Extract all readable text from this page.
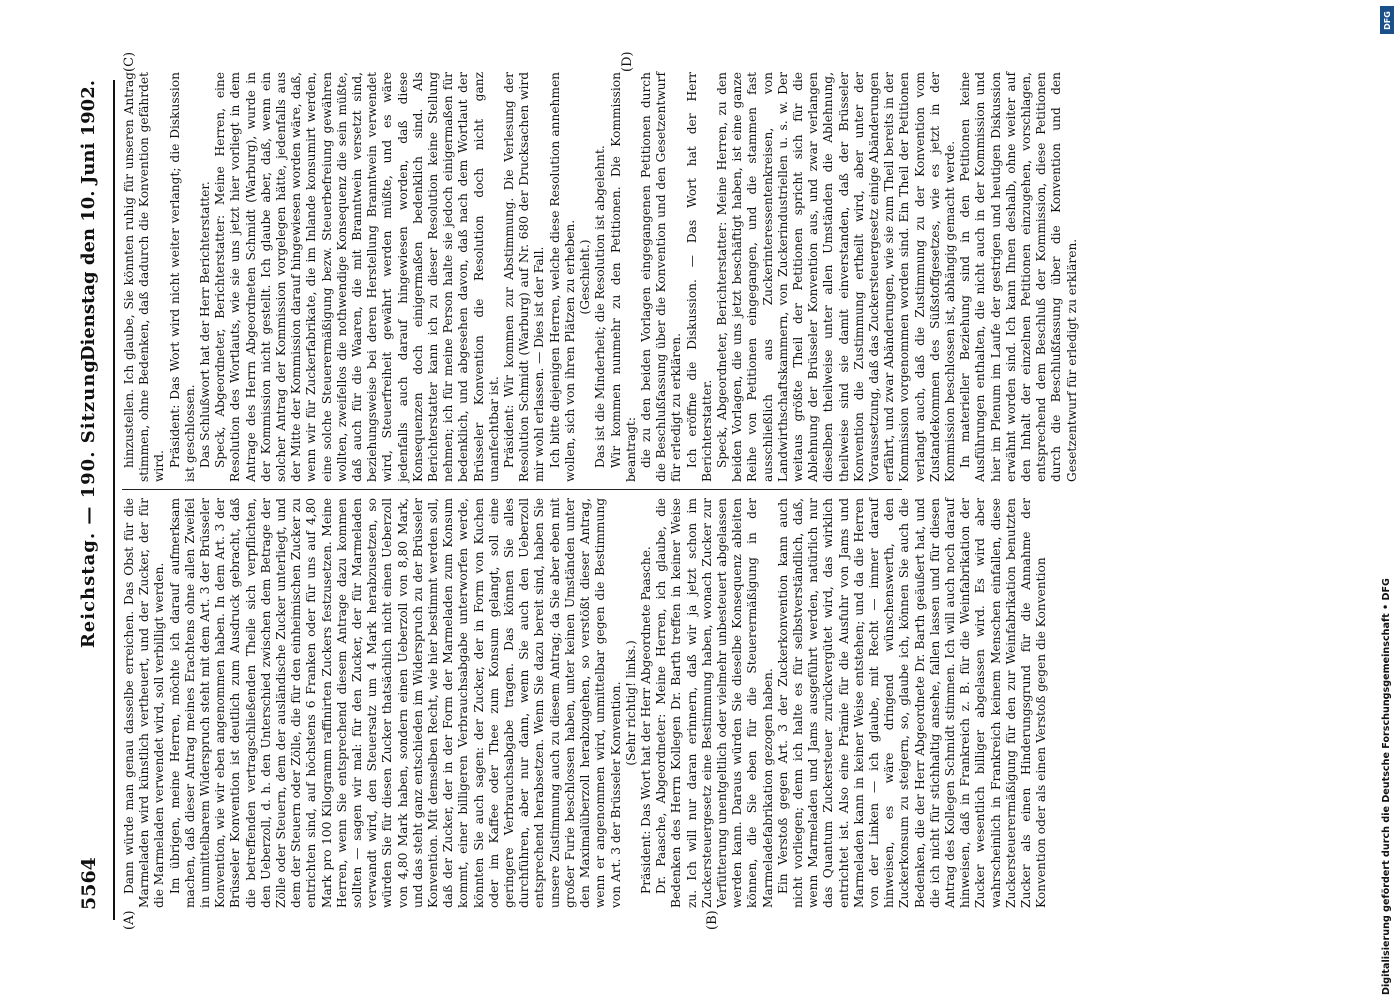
5564
Reichstag. — 190. Sitzung.
Dienstag den 10. Juni 1902.
(A)	(B)
(C)	(D)

Dann würde man genau dasselbe erreichen. Das Obst für die Marmeladen wird künstlich vertheuert, und der Zucker, der für die Marmeladen verwendet wird, soll verbilligt werden. Im übrigen, meine Herren, möchte ich darauf aufmerksam machen, daß dieser Antrag meines Erachtens ohne allen Zweifel in unmittelbarem Widerspruch steht mit dem Art. 3 der Brüsseler Konvention, wie wir eben angenommen haben. In dem Art. 3 der Brüsseler Konvention ist deutlich zum Ausdruck gebracht, daß die betreffenden vertragschließenden Theile sich verpflichten, den Ueberzoll, d. h. den Unterschied zwischen dem Betrage der Zölle oder Steuern, dem der ausländische Zucker unterliegt, und dem der Steuern oder Zölle, die für den einheimischen Zucker zu entrichten sind, auf höchstens 6 Franken oder für uns auf 4,80 Mark pro 100 Kilogramm raffinirten Zuckers festzusetzen. Meine Herren, wenn Sie entsprechend diesem Antrage dazu kommen sollten — sagen wir mal: für den Zucker, der für Marmeladen verwandt wird, den Steuersatz um 4 Mark herabzusetzen, so würden Sie für diesen Zucker thatsächlich nicht einen Ueberzoll von 4,80 Mark haben, sondern einen Ueberzoll von 8,80 Mark, und das steht ganz entschieden im Widerspruch zu der Brüsseler Konvention. Mit demselben Recht, wie hier bestimmt werden soll, daß der Zucker, der in der Form der Marmeladen zum Konsum kommt, einer billigeren Verbrauchsabgabe unterworfen werde, könnten Sie auch sagen: der Zucker, der in Form von Kuchen oder im Kaffee oder Thee zum Konsum gelangt, soll eine geringere Verbrauchsabgabe tragen. Das können Sie alles durchführen, aber nur dann, wenn Sie auch den Ueberzoll entsprechend herabsetzen. Wenn Sie dazu bereit sind, haben Sie unsere Zustimmung auch zu diesem Antrag; da Sie aber eben mit großer Furie beschlossen haben, unter keinen Umständen unter den Maximalüberzoll herabzugehen, so verstößt dieser Antrag, wenn er angenommen wird, unmittelbar gegen die Bestimmung von Art. 3 der Brüsseler Konvention. (Sehr richtig! links.) Präsident: Das Wort hat der Herr Abgeordnete Paasche. Dr. Paasche, Abgeordneter: Meine Herren, ich glaube, die Bedenken des Herrn Kollegen Dr. Barth treffen in keiner Weise zu. Ich will nur daran erinnern, daß wir ja jetzt schon im Zuckersteuergesetz eine Bestimmung haben, wonach Zucker zur Verfütterung unentgeltlich oder vielmehr unbesteuert abgelassen werden kann. Daraus würden Sie dieselbe Konsequenz ableiten können, die Sie eben für die Steuerermäßigung in der Marmeladefabrikation gezogen haben. Ein Verstoß gegen Art. 3 der Zuckerkonvention kann auch nicht vorliegen; denn ich halte es für selbstverständlich, daß, wenn Marmeladen und Jams ausgeführt werden, natürlich nur das Quantum Zuckersteuer zurückvergütet wird, das wirklich entrichtet ist. Also eine Prämie für die Ausfuhr von Jams und Marmeladen kann in keiner Weise entstehen; und da die Herren von der Linken — ich glaube, mit Recht — immer darauf hinweisen, es wäre dringend wünschenswerth, den Zuckerkonsum zu steigern, so, glaube ich, können Sie auch die Bedenken, die der Herr Abgeordnete Dr. Barth geäußert hat, und die ich nicht für stichhaltig ansehe, fallen lassen und für diesen Antrag des Kollegen Schmidt stimmen. Ich will auch noch darauf hinweisen, daß in Frankreich z. B. für die Weinfabrikation der Zucker wesentlich billiger abgelassen wird. Es wird aber wahrscheinlich in Frankreich keinem Menschen einfallen, diese Zuckersteuerermäßigung für den zur Weinfabrikation benutzten Zucker als einen Hinderungsgrund für die Annahme der Konvention oder als einen Verstoß gegen die Konvention

hinzustellen. Ich glaube, Sie könnten ruhig für unseren Antrag stimmen, ohne Bedenken, daß dadurch die Konvention gefährdet wird. Präsident: Das Wort wird nicht weiter verlangt; die Diskussion ist geschlossen. Das Schlußwort hat der Herr Berichterstatter. Speck, Abgeordneter, Berichterstatter: Meine Herren, eine Resolution des Wortlauts, wie sie uns jetzt hier vorliegt in dem Antrage des Herrn Abgeordneten Schmidt (Warburg), wurde in der Kommission nicht gestellt. Ich glaube aber, daß, wenn ein solcher Antrag der Kommission vorgelegen hätte, jedenfalls aus der Mitte der Kommission darauf hingewiesen worden wäre, daß, wenn wir für Zuckerfabrikate, die im Inlande konsumirt werden, eine solche Steuerermäßigung bezw. Steuerbefreiung gewähren wollten, zweifellos die nothwendige Konsequenz die sein müßte, daß auch für die Waaren, die mit Branntwein versetzt sind, beziehungsweise bei deren Herstellung Branntwein verwendet wird, Steuerfreiheit gewährt werden müßte, und es wäre jedenfalls auch darauf hingewiesen worden, daß diese Konsequenzen doch einigermaßen bedenklich sind. Als Berichterstatter kann ich zu dieser Resolution keine Stellung nehmen; ich für meine Person halte sie jedoch einigermaßen für bedenklich, und abgesehen davon, daß nach dem Wortlaut der Brüsseler Konvention die Resolution doch nicht ganz unanfechtbar ist. Präsident: Wir kommen zur Abstimmung. Die Verlesung der Resolution Schmidt (Warburg) auf Nr. 680 der Drucksachen wird mir wohl erlassen. — Dies ist der Fall. Ich bitte diejenigen Herren, welche diese Resolution annehmen wollen, sich von ihren Plätzen zu erheben. (Geschieht.) Das ist die Minderheit; die Resolution ist abgelehnt. Wir kommen nunmehr zu den Petitionen. Die Kommission beantragt: die zu den beiden Vorlagen eingegangenen Petitionen durch die Beschlußfassung über die Konvention und den Gesetzentwurf für erledigt zu erklären. Ich eröffne die Diskussion. — Das Wort hat der Herr Berichterstatter. Speck, Abgeordneter, Berichterstatter: Meine Herren, zu den beiden Vorlagen, die uns jetzt beschäftigt haben, ist eine ganze Reihe von Petitionen eingegangen, und die stammen fast ausschließlich aus Zuckerinteressentenkreisen, von Landwirthschaftskammern, von Zuckerindustriellen u. s. w. Der weitaus größte Theil der Petitionen spricht sich für die Ablehnung der Brüsseler Konvention aus, und zwar verlangen dieselben theilweise unter allen Umständen die Ablehnung, theilweise sind sie damit einverstanden, daß der Brüsseler Konvention die Zustimmung ertheilt wird, aber unter der Voraussetzung, daß das Zuckersteuergesetz einige Abänderungen erfährt, und zwar Abänderungen, wie sie zum Theil bereits in der Kommission vorgenommen worden sind. Ein Theil der Petitionen verlangt auch, daß die Zustimmung zu der Konvention vom Zustandekommen des Süßstoffgesetzes, wie es jetzt in der Kommission beschlossen ist, abhängig gemacht werde. In materieller Beziehung sind in den Petitionen keine Ausführungen enthalten, die nicht auch in der Kommission und hier im Plenum im Laufe der gestrigen und heutigen Diskussion erwähnt worden sind. Ich kann Ihnen deshalb, ohne weiter auf den Inhalt der einzelnen Petitionen einzugehen, vorschlagen, entsprechend dem Beschluß der Kommission, diese Petitionen durch die Beschlußfassung über die Konvention und den Gesetzentwurf für erledigt zu erklären.

DFG
Digitalisierung gefördert durch die Deutsche Forschungsgemeinschaft • DFG
